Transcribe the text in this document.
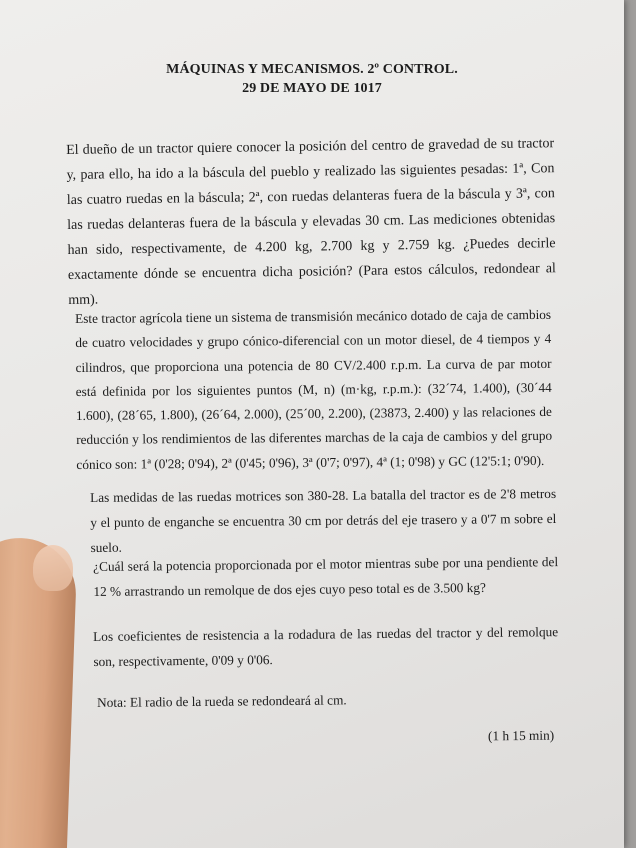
MÁQUINAS Y MECANISMOS. 2º CONTROL.
29 DE MAYO DE 1017
El dueño de un tractor quiere conocer la posición del centro de gravedad de su tractor y, para ello, ha ido a la báscula del pueblo y realizado las siguientes pesadas: 1ª, Con las cuatro ruedas en la báscula; 2ª, con ruedas delanteras fuera de la báscula y 3ª, con las ruedas delanteras fuera de la báscula y elevadas 30 cm. Las mediciones obtenidas han sido, respectivamente, de 4.200 kg, 2.700 kg y 2.759 kg. ¿Puedes decirle exactamente dónde se encuentra dicha posición? (Para estos cálculos, redondear al mm).
Este tractor agrícola tiene un sistema de transmisión mecánico dotado de caja de cambios de cuatro velocidades y grupo cónico-diferencial con un motor diesel, de 4 tiempos y 4 cilindros, que proporciona una potencia de 80 CV/2.400 r.p.m. La curva de par motor está definida por los siguientes puntos (M, n) (m·kg, r.p.m.): (32´74, 1.400), (30´44 1.600), (28´65, 1.800), (26´64, 2.000), (25´00, 2.200), (23873, 2.400) y las relaciones de reducción y los rendimientos de las diferentes marchas de la caja de cambios y del grupo cónico son: 1ª (0'28; 0'94), 2ª (0'45; 0'96), 3ª (0'7; 0'97), 4ª (1; 0'98) y GC (12'5:1; 0'90).
Las medidas de las ruedas motrices son 380-28. La batalla del tractor es de 2'8 metros y el punto de enganche se encuentra 30 cm por detrás del eje trasero y a 0'7 m sobre el suelo.
¿Cuál será la potencia proporcionada por el motor mientras sube por una pendiente del 12 % arrastrando un remolque de dos ejes cuyo peso total es de 3.500 kg?
Los coeficientes de resistencia a la rodadura de las ruedas del tractor y del remolque son, respectivamente, 0'09 y 0'06.
Nota: El radio de la rueda se redondeará al cm.
(1 h 15 min)
